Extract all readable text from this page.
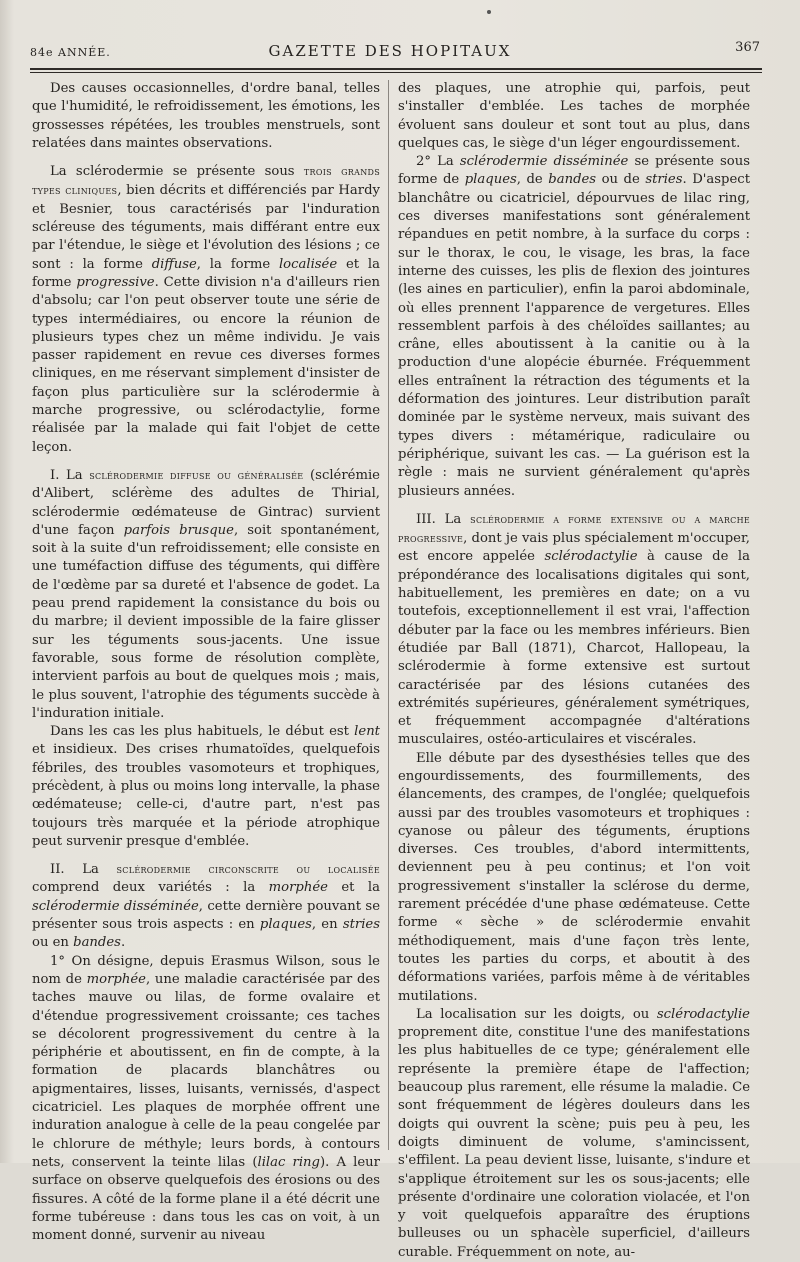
84e ANNÉE.	GAZETTE DES HOPITAUX	367

Des causes occasionnelles, d'ordre banal, telles que l'humidité, le refroidissement, les émotions, les grossesses répétées, les troubles menstruels, sont relatées dans maintes observations.

La sclérodermie se présente sous trois grands types cliniques, bien décrits et différenciés par Hardy et Besnier, tous caractérisés par l'induration scléreuse des téguments, mais différant entre eux par l'étendue, le siège et l'évolution des lésions ; ce sont : la forme diffuse, la forme localisée et la forme progressive. Cette division n'a d'ailleurs rien d'absolu; car l'on peut observer toute une série de types intermédiaires, ou encore la réunion de plusieurs types chez un même individu. Je vais passer rapidement en revue ces diverses formes cliniques, en me réservant simplement d'insister de façon plus particulière sur la sclérodermie à marche progressive, ou sclérodactylie, forme réalisée par la malade qui fait l'objet de cette leçon.

I. La sclérodermie diffuse ou généralisée (sclérémie d'Alibert, sclérème des adultes de Thirial, sclérodermie œdémateuse de Gintrac) survient d'une façon parfois brusque, soit spontanément, soit à la suite d'un refroidissement; elle consiste en une tuméfaction diffuse des téguments, qui diffère de l'œdème par sa dureté et l'absence de godet. La peau prend rapidement la consistance du bois ou du marbre; il devient impossible de la faire glisser sur les téguments sous-jacents. Une issue favorable, sous forme de résolution complète, intervient parfois au bout de quelques mois ; mais, le plus souvent, l'atrophie des téguments succède à l'induration initiale.

Dans les cas les plus habituels, le début est lent et insidieux. Des crises rhumatoïdes, quelquefois fébriles, des troubles vasomoteurs et trophiques, précèdent, à plus ou moins long intervalle, la phase œdémateuse; celle-ci, d'autre part, n'est pas toujours très marquée et la période atrophique peut survenir presque d'emblée.

II. La sclérodermie circonscrite ou localisée comprend deux variétés : la morphée et la sclérodermie disséminée, cette dernière pouvant se présenter sous trois aspects : en plaques, en stries ou en bandes.

1° On désigne, depuis Erasmus Wilson, sous le nom de morphée, une maladie caractérisée par des taches mauve ou lilas, de forme ovalaire et d'étendue progressivement croissante; ces taches se décolorent progressivement du centre à la périphérie et aboutissent, en fin de compte, à la formation de placards blanchâtres ou apigmentaires, lisses, luisants, vernissés, d'aspect cicatriciel. Les plaques de morphée offrent une induration analogue à celle de la peau congelée par le chlorure de méthyle; leurs bords, à contours nets, conservent la teinte lilas (lilac ring). A leur surface on observe quelquefois des érosions ou des fissures. A côté de la forme plane il a été décrit une forme tubéreuse : dans tous les cas on voit, à un moment donné, survenir au niveau

des plaques, une atrophie qui, parfois, peut s'installer d'emblée. Les taches de morphée évoluent sans douleur et sont tout au plus, dans quelques cas, le siège d'un léger engourdissement.

2° La sclérodermie disséminée se présente sous forme de plaques, de bandes ou de stries. D'aspect blanchâtre ou cicatriciel, dépourvues de lilac ring, ces diverses manifestations sont généralement répandues en petit nombre, à la surface du corps : sur le thorax, le cou, le visage, les bras, la face interne des cuisses, les plis de flexion des jointures (les aines en particulier), enfin la paroi abdominale, où elles prennent l'apparence de vergetures. Elles ressemblent parfois à des chéloïdes saillantes; au crâne, elles aboutissent à la canitie ou à la production d'une alopécie éburnée. Fréquemment elles entraînent la rétraction des téguments et la déformation des jointures. Leur distribution paraît dominée par le système nerveux, mais suivant des types divers : métamérique, radiculaire ou périphérique, suivant les cas. — La guérison est la règle : mais ne survient généralement qu'après plusieurs années.

III. La sclérodermie a forme extensive ou a marche progressive, dont je vais plus spécialement m'occuper, est encore appelée sclérodactylie à cause de la prépondérance des localisations digitales qui sont, habituellement, les premières en date; on a vu toutefois, exceptionnellement il est vrai, l'affection débuter par la face ou les membres inférieurs. Bien étudiée par Ball (1871), Charcot, Hallopeau, la sclérodermie à forme extensive est surtout caractérisée par des lésions cutanées des extrémités supérieures, généralement symétriques, et fréquemment accompagnée d'altérations musculaires, ostéo-articulaires et viscérales.

Elle débute par des dysesthésies telles que des engourdissements, des fourmillements, des élancements, des crampes, de l'onglée; quelquefois aussi par des troubles vasomoteurs et trophiques : cyanose ou pâleur des téguments, éruptions diverses. Ces troubles, d'abord intermittents, deviennent peu à peu continus; et l'on voit progressivement s'installer la sclérose du derme, rarement précédée d'une phase œdémateuse. Cette forme « sèche » de sclérodermie envahit méthodiquement, mais d'une façon très lente, toutes les parties du corps, et aboutit à des déformations variées, parfois même à de véritables mutilations.

La localisation sur les doigts, ou sclérodactylie proprement dite, constitue l'une des manifestations les plus habituelles de ce type; généralement elle représente la première étape de l'affection; beaucoup plus rarement, elle résume la maladie. Ce sont fréquemment de légères douleurs dans les doigts qui ouvrent la scène; puis peu à peu, les doigts diminuent de volume, s'amincissent, s'effilent. La peau devient lisse, luisante, s'indure et s'applique étroitement sur les os sous-jacents; elle présente d'ordinaire une coloration violacée, et l'on y voit quelquefois apparaître des éruptions bulleuses ou un sphacèle superficiel, d'ailleurs curable. Fréquemment on note, au-
